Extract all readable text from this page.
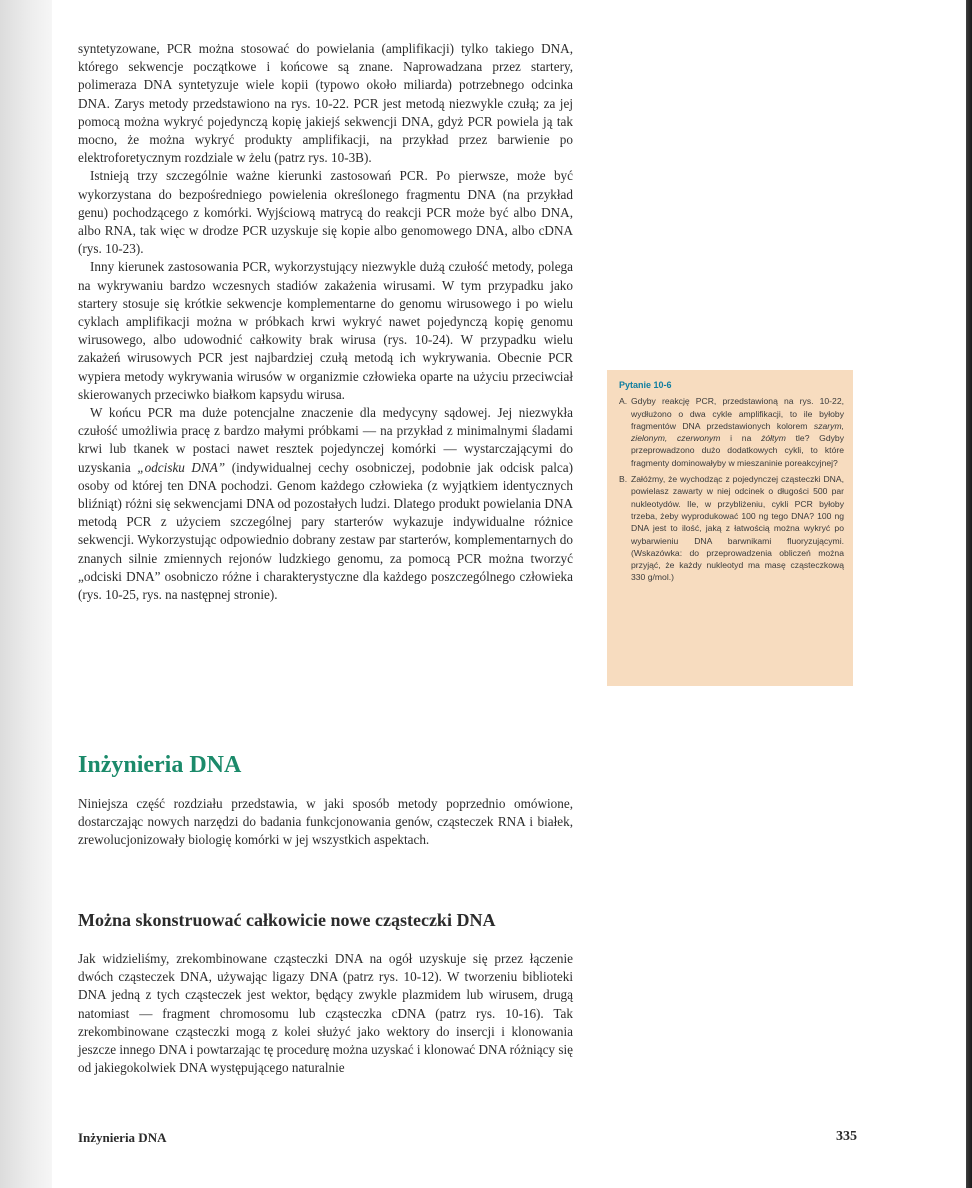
syntetyzowane, PCR można stosować do powielania (amplifikacji) tylko takiego DNA, którego sekwencje początkowe i końcowe są znane. Naprowadzana przez startery, polimeraza DNA syntetyzuje wiele kopii (typowo około miliarda) potrzebnego odcinka DNA. Zarys metody przedstawiono na rys. 10-22. PCR jest metodą niezwykle czułą; za jej pomocą można wykryć pojedynczą kopię jakiejś sekwencji DNA, gdyż PCR powiela ją tak mocno, że można wykryć produkty amplifikacji, na przykład przez barwienie po elektroforetycznym rozdziale w żelu (patrz rys. 10-3B).

Istnieją trzy szczególnie ważne kierunki zastosowań PCR. Po pierwsze, może być wykorzystana do bezpośredniego powielenia określonego fragmentu DNA (na przykład genu) pochodzącego z komórki. Wyjściową matrycą do reakcji PCR może być albo DNA, albo RNA, tak więc w drodze PCR uzyskuje się kopie albo genomowego DNA, albo cDNA (rys. 10-23).

Inny kierunek zastosowania PCR, wykorzystujący niezwykle dużą czułość metody, polega na wykrywaniu bardzo wczesnych stadiów zakażenia wirusami. W tym przypadku jako startery stosuje się krótkie sekwencje komplementarne do genomu wirusowego i po wielu cyklach amplifikacji można w próbkach krwi wykryć nawet pojedynczą kopię genomu wirusowego, albo udowodnić całkowity brak wirusa (rys. 10-24). W przypadku wielu zakażeń wirusowych PCR jest najbardziej czułą metodą ich wykrywania. Obecnie PCR wypiera metody wykrywania wirusów w organizmie człowieka oparte na użyciu przeciwciał skierowanych przeciwko białkom kapsydu wirusa.

W końcu PCR ma duże potencjalne znaczenie dla medycyny sądowej. Jej niezwykła czułość umożliwia pracę z bardzo małymi próbkami — na przykład z minimalnymi śladami krwi lub tkanek w postaci nawet resztek pojedynczej komórki — wystarczającymi do uzyskania „odcisku DNA” (indywidualnej cechy osobniczej, podobnie jak odcisk palca) osoby od której ten DNA pochodzi. Genom każdego człowieka (z wyjątkiem identycznych bliźniąt) różni się sekwencjami DNA od pozostałych ludzi. Dlatego produkt powielania DNA metodą PCR z użyciem szczególnej pary starterów wykazuje indywidualne różnice sekwencji. Wykorzystując odpowiednio dobrany zestaw par starterów, komplementarnych do znanych silnie zmiennych rejonów ludzkiego genomu, za pomocą PCR można tworzyć „odciski DNA” osobniczo różne i charakterystyczne dla każdego poszczególnego człowieka (rys. 10-25, rys. na następnej stronie).

Pytanie 10-6
A. Gdyby reakcję PCR, przedstawioną na rys. 10-22, wydłużono o dwa cykle amplifikacji, to ile byłoby fragmentów DNA przedstawionych kolorem szarym, zielonym, czerwonym i na żółtym tle? Gdyby przeprowadzono dużo dodatkowych cykli, to które fragmenty dominowałyby w mieszaninie poreakcyjnej?
B. Załóżmy, że wychodząc z pojedynczej cząsteczki DNA, powielasz zawarty w niej odcinek o długości 500 par nukleotydów. Ile, w przybliżeniu, cykli PCR byłoby trzeba, żeby wyprodukować 100 ng tego DNA? 100 ng DNA jest to ilość, jaką z łatwością można wykryć po wybarwieniu DNA barwnikami fluoryzującymi. (Wskazówka: do przeprowadzenia obliczeń można przyjąć, że każdy nukleotyd ma masę cząsteczkową 330 g/mol.)
Inżynieria DNA

Niniejsza część rozdziału przedstawia, w jaki sposób metody poprzednio omówione, dostarczając nowych narzędzi do badania funkcjonowania genów, cząsteczek RNA i białek, zrewolucjonizowały biologię komórki w jej wszystkich aspektach.

Można skonstruować całkowicie nowe cząsteczki DNA

Jak widzieliśmy, zrekombinowane cząsteczki DNA na ogół uzyskuje się przez łączenie dwóch cząsteczek DNA, używając ligazy DNA (patrz rys. 10-12). W tworzeniu biblioteki DNA jedną z tych cząsteczek jest wektor, będący zwykle plazmidem lub wirusem, drugą natomiast — fragment chromosomu lub cząsteczka cDNA (patrz rys. 10-16). Tak zrekombinowane cząsteczki mogą z kolei służyć jako wektory do insercji i klonowania jeszcze innego DNA i powtarzając tę procedurę można uzyskać i klonować DNA różniący się od jakiegokolwiek DNA występującego naturalnie

Inżynieria DNA	335
